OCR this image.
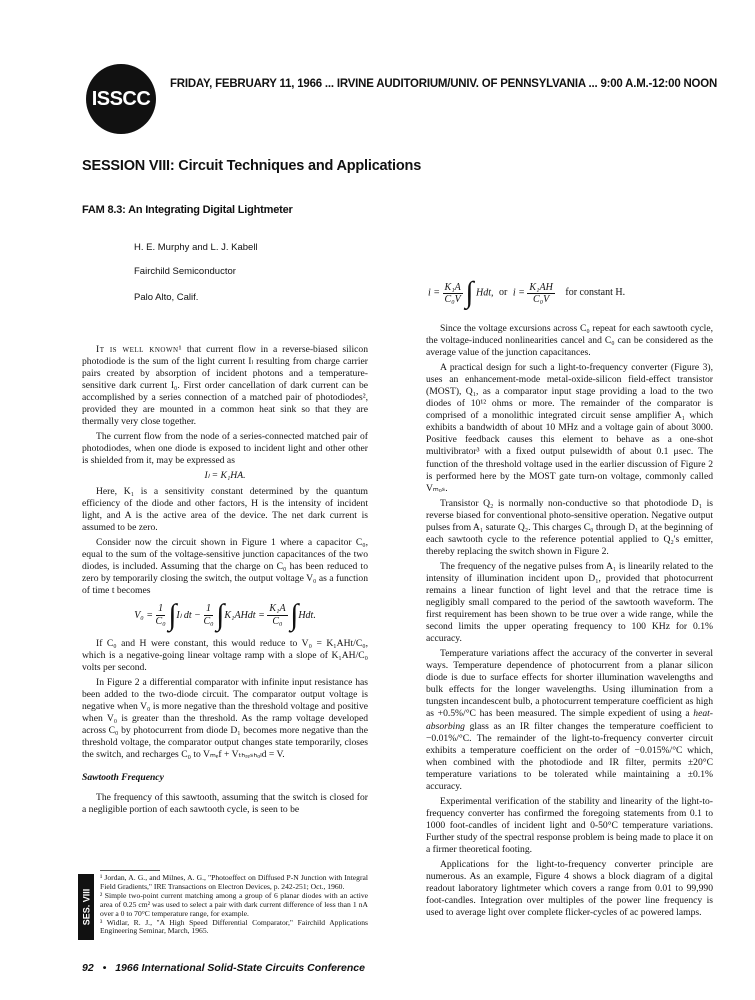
ISSCC
FRIDAY, FEBRUARY 11, 1966 ... IRVINE AUDITORIUM/UNIV. OF PENNSYLVANIA ... 9:00 A.M.-12:00 NOON
SESSION VIII: Circuit Techniques and Applications
FAM 8.3: An Integrating Digital Lightmeter
H. E. Murphy and L. J. Kabell
Fairchild Semiconductor
Palo Alto, Calif.	$i = \frac{\text{K₁A}}{\text{C₀V}}$ ∫ Hdt, or $i = \frac{\text{K₁AH}}{\text{C₀V}}$ for constant H.

It is well known¹ that current flow in a reverse-biased silicon photodiode is the sum of the light current Iₗ resulting from charge carrier pairs created by absorption of incident photons and a temperature-sensitive dark current I₀. First order cancellation of dark current can be accomplished by a series connection of a matched pair of photodiodes², provided they are mounted in a common heat sink so that they are thermally very close together.

The current flow from the node of a series-connected matched pair of photodiodes, when one diode is exposed to incident light and other other is shielded from it, may be expressed as

Iₗ = K₁HA.

Here, K₁ is a sensitivity constant determined by the quantum efficiency of the diode and other factors, H is the intensity of incident light, and A is the active area of the device. The net dark current is assumed to be zero.

Consider now the circuit shown in Figure 1 where a capacitor C₀, equal to the sum of the voltage-sensitive junction capacitances of the two diodes, is included. Assuming that the charge on C₀ has been reduced to zero by temporarily closing the switch, the output voltage V₀ as a function of time t becomes

$V_0 = \frac{1}{\text{C₀}} \int I_l$ dt − $\frac{1}{\text{C₀}}$ ∫K₁AHdt = $\frac{\text{K₁A}}{\text{C₀}} \int Hdt$.

If C₀ and H were constant, this would reduce to V₀ = K₁AHt/C₀, which is a negative-going linear voltage ramp with a slope of K₁AH/C₀ volts per second.

In Figure 2 a differential comparator with infinite input resistance has been added to the two-diode circuit. The comparator output voltage is negative when V₀ is more negative than the threshold voltage and positive when V₀ is greater than the threshold. As the ramp voltage developed across C₀ by photocurrent from diode D₁ becomes more negative than the threshold voltage, the comparator output changes state temporarily, closes the switch, and recharges C₀ to Vₘₑf + Vₜₕᵣₑₛₕₒₗd = V.

Sawtooth Frequency

The frequency of this sawtooth, assuming that the switch is closed for a negligible portion of each sawtooth cycle, is seen to be

Since the voltage excursions across C₀ repeat for each sawtooth cycle, the voltage-induced nonlinearities cancel and C₀ can be considered as the average value of the junction capacitances.

A practical design for such a light-to-frequency converter (Figure 3), uses an enhancement-mode metal-oxide-silicon field-effect transistor (MOST), Q₁, as a comparator input stage providing a load to the two diodes of 10¹² ohms or more. The remainder of the comparator is comprised of a monolithic integrated circuit sense amplifier A₁ which exhibits a bandwidth of about 10 MHz and a voltage gain of about 3000. Positive feedback causes this element to behave as a one-shot multivibrator³ with a fixed output pulsewidth of about 0.1 μsec. The function of the threshold voltage used in the earlier discussion of Figure 2 is performed here by the MOST gate turn-on voltage, commonly called Vₘₒₛ.

Transistor Q₂ is normally non-conductive so that photodiode D₁ is reverse biased for conventional photo-sensitive operation. Negative output pulses from A₁ saturate Q₂. This charges C₀ through D₁ at the beginning of each sawtooth cycle to the reference potential applied to Q₂'s emitter, thereby replacing the switch shown in Figure 2.

The frequency of the negative pulses from A₁ is linearily related to the intensity of illumination incident upon D₁, provided that photocurrent remains a linear function of light level and that the retrace time is negligibly small compared to the period of the sawtooth waveform. The first requirement has been shown to be true over a wide range, while the second limits the upper operating frequency to 100 KHz for 0.1% accuracy.

Temperature variations affect the accuracy of the converter in several ways. Temperature dependence of photocurrent from a planar silicon diode is due to surface effects for shorter illumination wavelengths and bulk effects for the longer wavelengths. Using illumination from a tungsten incandescent bulb, a photocurrent temperature coefficient as high as +0.5%/°C has been measured. The simple expedient of using a heat-absorbing glass as an IR filter changes the temperature coefficient to −0.01%/°C. The remainder of the light-to-frequency converter circuit exhibits a temperature coefficient on the order of −0.015%/°C which, when combined with the photodiode and IR filter, permits ±20°C temperature variations to be tolerated while maintaining a ±0.1% accuracy.

Experimental verification of the stability and linearity of the light-to-frequency converter has confirmed the foregoing statements from 0.1 to 1000 foot-candles of incident light and 0-50°C temperature variations. Further study of the spectral response problem is being made to place it on a firmer theoretical footing.

Applications for the light-to-frequency converter principle are numerous. As an example, Figure 4 shows a block diagram of a digital readout laboratory lightmeter which covers a range from 0.01 to 99,990 foot-candles. Integration over multiples of the power line frequency is used to average light over complete flicker-cycles of ac powered lamps.

SES. VIII

¹ Jordan, A. G., and Milnes, A. G., "Photoeffect on Diffused P-N Junction with Integral Field Gradients," IRE Transactions on Electron Devices, p. 242-251; Oct., 1960.

² Simple two-point current matching among a group of 6 planar diodes with an active area of 0.25 cm² was used to select a pair with dark current difference of less than 1 nA over a 0 to 70°C temperature range, for example.

³ Widlar, R. J., "A High Speed Differential Comparator," Fairchild Applications Engineering Seminar, March, 1965.

92 • 1966 International Solid-State Circuits Conference
